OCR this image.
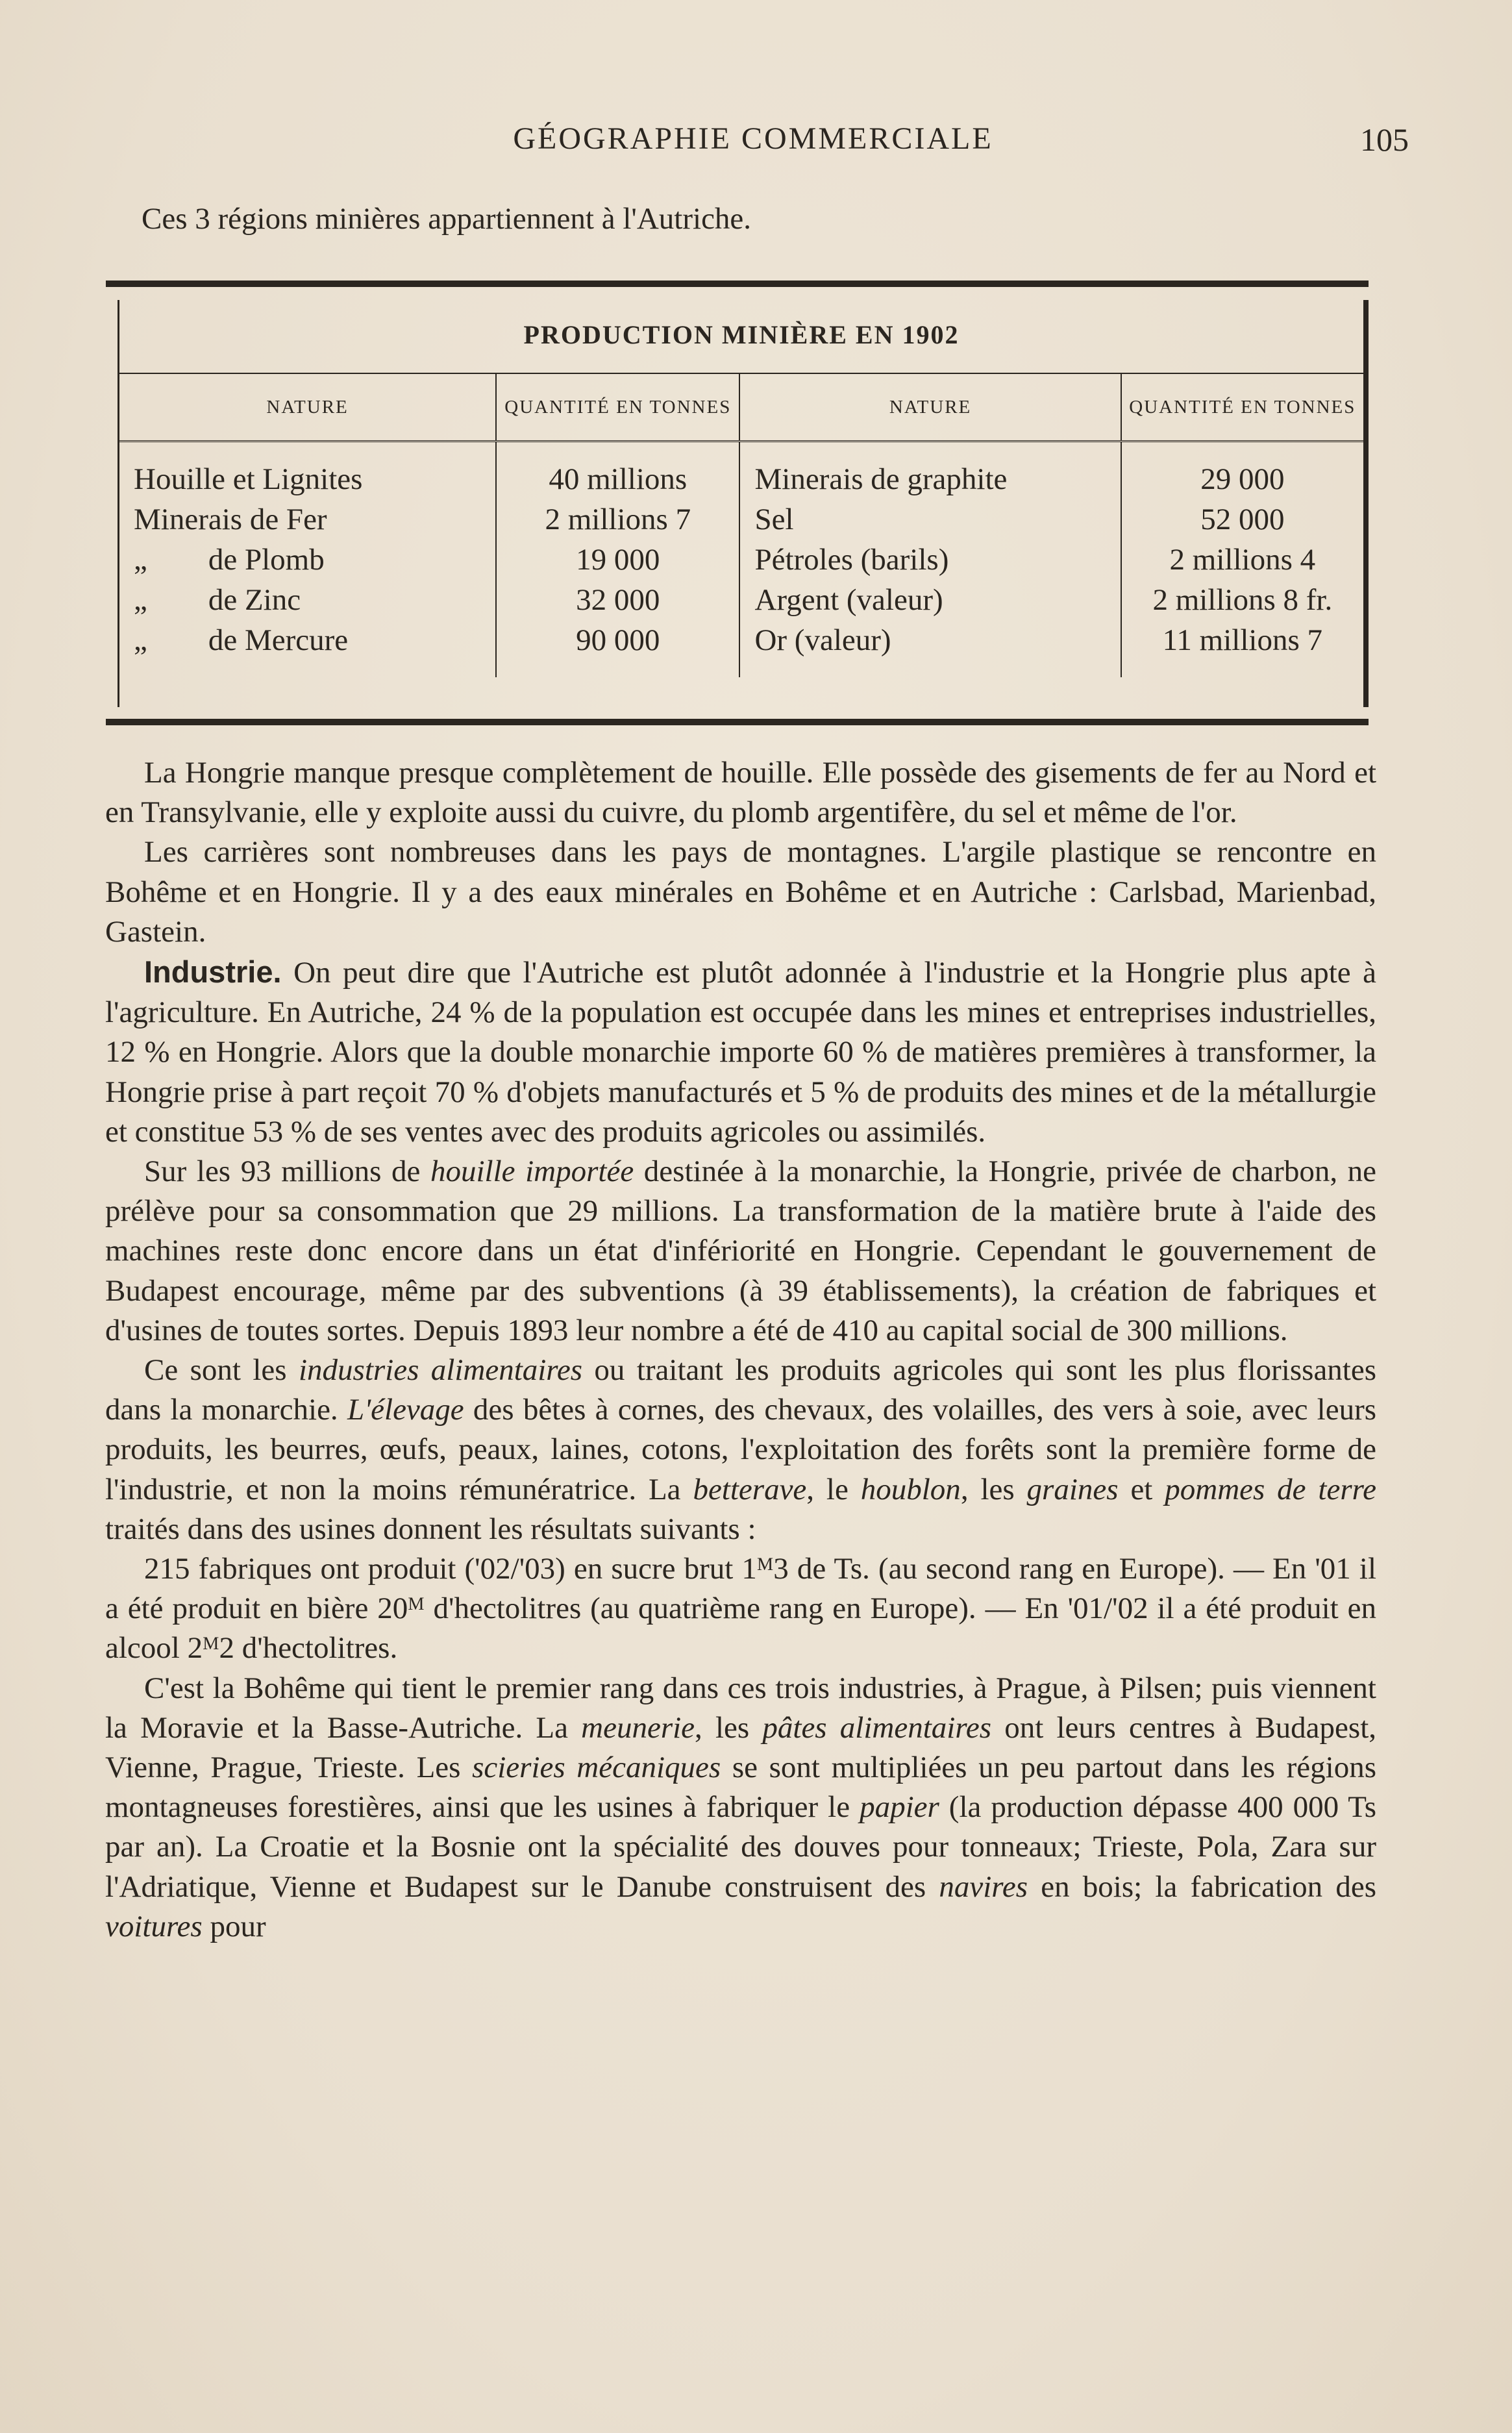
GÉOGRAPHIE COMMERCIALE	105
Ces 3 régions minières appartiennent à l'Autriche.
PRODUCTION MINIÈRE EN 1902
NATURE	QUANTITÉ EN TONNES	NATURE	QUANTITÉ EN TONNES
Houille et Lignites	40 millions	Minerais de graphite	29 000
Minerais de Fer	2 millions 7	Sel	52 000
„        de Plomb	19 000	Pétroles (barils)	2 millions 4
„        de Zinc	32 000	Argent (valeur)	2 millions 8 fr.
„        de Mercure	90 000	Or (valeur)	11 millions 7

La Hongrie manque presque complètement de houille. Elle possède des gisements de fer au Nord et en Transylvanie, elle y exploite aussi du cuivre, du plomb argentifère, du sel et même de l'or.

Les carrières sont nombreuses dans les pays de montagnes. L'argile plastique se rencontre en Bohême et en Hongrie. Il y a des eaux minérales en Bohême et en Autriche : Carlsbad, Marienbad, Gastein.

Industrie. On peut dire que l'Autriche est plutôt adonnée à l'industrie et la Hongrie plus apte à l'agriculture. En Autriche, 24 % de la population est occupée dans les mines et entreprises industrielles, 12 % en Hongrie. Alors que la double monarchie importe 60 % de matières premières à transformer, la Hongrie prise à part reçoit 70 % d'objets manufacturés et 5 % de produits des mines et de la métallurgie et constitue 53 % de ses ventes avec des produits agricoles ou assimilés.

Sur les 93 millions de houille importée destinée à la monarchie, la Hongrie, privée de charbon, ne prélève pour sa consommation que 29 millions. La transformation de la matière brute à l'aide des machines reste donc encore dans un état d'infériorité en Hongrie. Cependant le gouvernement de Budapest encourage, même par des subventions (à 39 établissements), la création de fabriques et d'usines de toutes sortes. Depuis 1893 leur nombre a été de 410 au capital social de 300 millions.

Ce sont les industries alimentaires ou traitant les produits agricoles qui sont les plus florissantes dans la monarchie. L'élevage des bêtes à cornes, des chevaux, des volailles, des vers à soie, avec leurs produits, les beurres, œufs, peaux, laines, cotons, l'exploitation des forêts sont la première forme de l'industrie, et non la moins rémunératrice. La betterave, le houblon, les graines et pommes de terre traités dans des usines donnent les résultats suivants :

215 fabriques ont produit ('02/'03) en sucre brut 1ᴹ3 de Ts. (au second rang en Europe). — En '01 il a été produit en bière 20ᴹ d'hectolitres (au quatrième rang en Europe). — En '01/'02 il a été produit en alcool 2ᴹ2 d'hectolitres.

C'est la Bohême qui tient le premier rang dans ces trois industries, à Prague, à Pilsen; puis viennent la Moravie et la Basse-Autriche. La meunerie, les pâtes alimentaires ont leurs centres à Budapest, Vienne, Prague, Trieste. Les scieries mécaniques se sont multipliées un peu partout dans les régions montagneuses forestières, ainsi que les usines à fabriquer le papier (la production dépasse 400 000 Ts par an). La Croatie et la Bosnie ont la spécialité des douves pour tonneaux; Trieste, Pola, Zara sur l'Adriatique, Vienne et Budapest sur le Danube construisent des navires en bois; la fabrication des voitures pour
